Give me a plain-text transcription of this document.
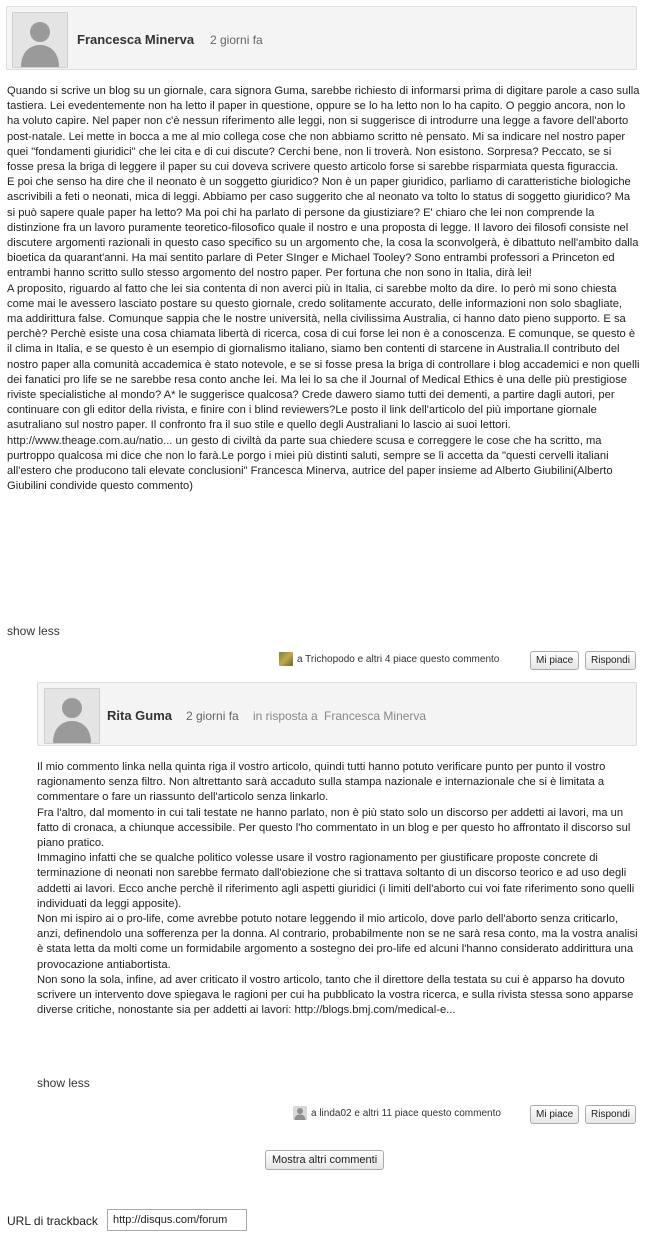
Francesca Minerva 2 giorni fa

Quando si scrive un blog su un giornale, cara signora Guma, sarebbe richiesto di informarsi prima di digitare parole a caso sulla tastiera. Lei evedentemente non ha letto il paper in questione, oppure se lo ha letto non lo ha capito. O peggio ancora, non lo ha voluto capire. Nel paper non c'è nessun riferimento alle leggi, non si suggerisce di introdurre una legge a favore dell'aborto post-natale. Lei mette in bocca a me al mio collega cose che non abbiamo scritto nè pensato. Mi sa indicare nel nostro paper quei "fondamenti giuridici" che lei cita e di cui discute? Cerchi bene, non li troverà. Non esistono. Sorpresa? Peccato, se si fosse presa la briga di leggere il paper su cui doveva scrivere questo articolo forse si sarebbe risparmiata questa figuraccia.

E poi che senso ha dire che il neonato è un soggetto giuridico? Non è un paper giuridico, parliamo di caratteristiche biologiche ascrivibili a feti o neonati, mica di leggi. Abbiamo per caso suggerito che al neonato va tolto lo status di soggetto giuridico? Ma si può sapere quale paper ha letto? Ma poi chi ha parlato di persone da giustiziare? E' chiaro che lei non comprende la distinzione fra un lavoro puramente teoretico-filosofico quale il nostro e una proposta di legge. Il lavoro dei filosofi consiste nel discutere argomenti razionali in questo caso specifico su un argomento che, la cosa la sconvolgerà, è dibattuto nell'ambito dalla bioetica da quarant'anni. Ha mai sentito parlare di Peter SInger e Michael Tooley? Sono entrambi professori a Princeton ed entrambi hanno scritto sullo stesso argomento del nostro paper. Per fortuna che non sono in Italia, dirà lei!

A proposito, riguardo al fatto che lei sia contenta di non averci più in Italia, ci sarebbe molto da dire. Io però mi sono chiesta come mai le avessero lasciato postare su questo giornale, credo solitamente accurato, delle informazioni non solo sbagliate, ma addirittura false. Comunque sappia che le nostre università, nella civilissima Australia, ci hanno dato pieno supporto. E sa perchè? Perchè esiste una cosa chiamata libertà di ricerca, cosa di cui forse lei non è a conoscenza. E comunque, se questo è il clima in Italia, e se questo è un esempio di giornalismo italiano, siamo ben contenti di starcene in Australia.Il contributo del nostro paper alla comunità accademica è stato notevole, e se si fosse presa la briga di controllare i blog accademici e non quelli dei fanatici pro life se ne sarebbe resa conto anche lei. Ma lei lo sa che il Journal of Medical Ethics è una delle più prestigiose riviste specialistiche al mondo? A* le suggerisce qualcosa? Crede dawero siamo tutti dei dementi, a partire dagli autori, per continuare con gli editor della rivista, e finire con i blind reviewers?Le posto il link dell'articolo del più importane giornale asutraliano sul nostro paper. Il confronto fra il suo stile e quello degli Australiani lo lascio ai suoi lettori. http://www.theage.com.au/natio... un gesto di civiltà da parte sua chiedere scusa e correggere le cose che ha scritto, ma purtroppo qualcosa mi dice che non lo farà.Le porgo i miei più distinti saluti, sempre se lì accetta da "questi cervelli italiani all'estero che producono tali elevate conclusioni" Francesca Minerva, autrice del paper insieme ad Alberto Giubilini(Alberto Giubilini condivide questo commento)

show less
a Trichopodo e altri 4 piace questo commento	Mi piace	Rispondi
Rita Guma 2 giorni fa in risposta a Francesca Minerva

Il mio commento linka nella quinta riga il vostro articolo, quindi tutti hanno potuto verificare punto per punto il vostro ragionamento senza filtro. Non altrettanto sarà accaduto sulla stampa nazionale e internazionale che si è limitata a commentare o fare un riassunto dell'articolo senza linkarlo.

Fra l'altro, dal momento in cui tali testate ne hanno parlato, non è più stato solo un discorso per addetti ai lavori, ma un fatto di cronaca, a chiunque accessibile. Per questo l'ho commentato in un blog e per questo ho affrontato il discorso sul piano pratico.

Immagino infatti che se qualche politico volesse usare il vostro ragionamento per giustificare proposte concrete di terminazione di neonati non sarebbe fermato dall'obiezione che si trattava soltanto di un discorso teorico e ad uso degli addetti ai lavori. Ecco anche perchè il riferimento agli aspetti giuridici (i limiti dell'aborto cui voi fate riferimento sono quelli individuati da leggi apposite).

Non mi ispiro ai o pro-life, come avrebbe potuto notare leggendo il mio articolo, dove parlo dell'aborto senza criticarlo, anzi, definendolo una sofferenza per la donna. Al contrario, probabilmente non se ne sarà resa conto, ma la vostra analisi è stata letta da molti come un formidabile argomento a sostegno dei pro-life ed alcuni l'hanno considerato addirittura una provocazione antiabortista.

Non sono la sola, infine, ad aver criticato il vostro articolo, tanto che il direttore della testata su cui è apparso ha dovuto scrivere un intervento dove spiegava le ragioni per cui ha pubblicato la vostra ricerca, e sulla rivista stessa sono apparse diverse critiche, nonostante sia per addetti ai lavori: http://blogs.bmj.com/medical-e...

show less
a linda02 e altri 11 piace questo commento	Mi piace	Rispondi
Mostra altri commenti
URL di trackback
http://disqus.com/forum
